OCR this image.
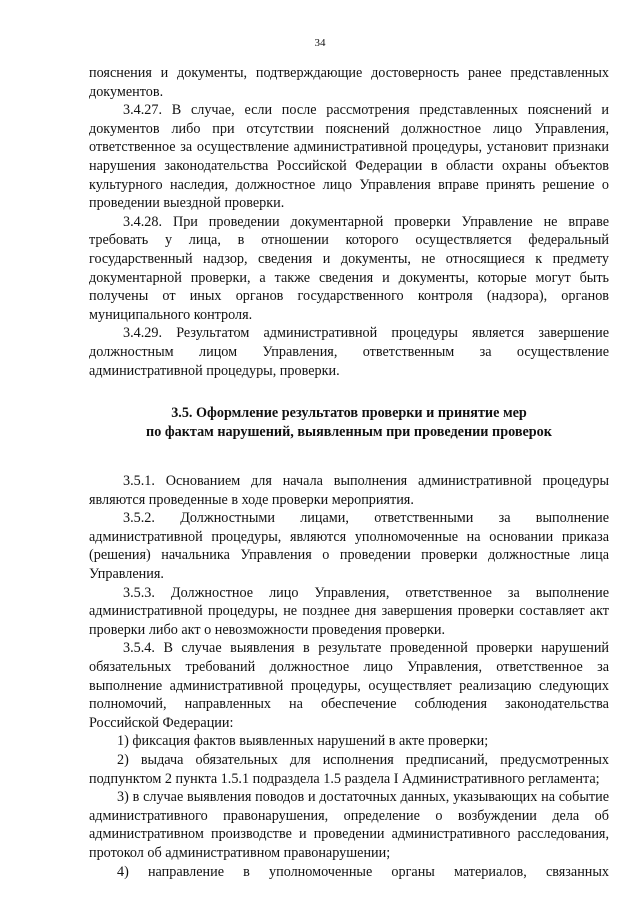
34

пояснения и документы, подтверждающие достоверность ранее представленных документов.

3.4.27. В случае, если после рассмотрения представленных пояснений и документов либо при отсутствии пояснений должностное лицо Управления, ответственное за осуществление административной процедуры, установит признаки нарушения законодательства Российской Федерации в области охраны объектов культурного наследия, должностное лицо Управления вправе принять решение о проведении выездной проверки.

3.4.28. При проведении документарной проверки Управление не вправе требовать у лица, в отношении которого осуществляется федеральный государственный надзор, сведения и документы, не относящиеся к предмету документарной проверки, а также сведения и документы, которые могут быть получены от иных органов государственного контроля (надзора), органов муниципального контроля.

3.4.29. Результатом административной процедуры является завершение должностным лицом Управления, ответственным за осуществление административной процедуры, проверки.

3.5. Оформление результатов проверки и принятие мер
по фактам нарушений, выявленным при проведении проверок

3.5.1. Основанием для начала выполнения административной процедуры являются проведенные в ходе проверки мероприятия.

3.5.2. Должностными лицами, ответственными за выполнение административной процедуры, являются уполномоченные на основании приказа (решения) начальника Управления о проведении проверки должностные лица Управления.

3.5.3. Должностное лицо Управления, ответственное за выполнение административной процедуры, не позднее дня завершения проверки составляет акт проверки либо акт о невозможности проведения проверки.

3.5.4. В случае выявления в результате проведенной проверки нарушений обязательных требований должностное лицо Управления, ответственное за выполнение административной процедуры, осуществляет реализацию следующих полномочий, направленных на обеспечение соблюдения законодательства Российской Федерации:

1) фиксация фактов выявленных нарушений в акте проверки;

2) выдача обязательных для исполнения предписаний, предусмотренных подпунктом 2 пункта 1.5.1 подраздела 1.5 раздела I Административного регламента;

3) в случае выявления поводов и достаточных данных, указывающих на событие административного правонарушения, определение о возбуждении дела об административном производстве и проведении административного расследования, протокол об административном правонарушении;

4) направление в уполномоченные органы материалов, связанных
